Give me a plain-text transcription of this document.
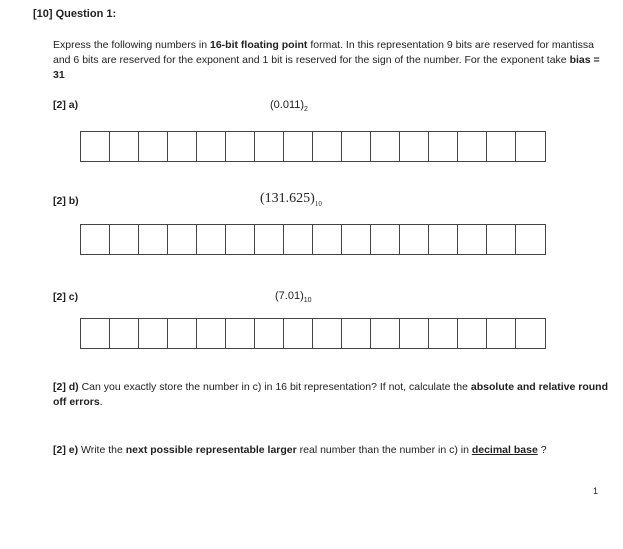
[10] Question 1:
Express the following numbers in 16-bit floating point format. In this representation 9 bits are reserved for mantissa and 6 bits are reserved for the exponent and 1 bit is reserved for the sign of the number. For the exponent take bias = 31
[2] a)	$(0.011)_2$
[2] b)	$(131.625)_{10}$
[2] c)	$(7.01)_{10}$
[2] d) Can you exactly store the number in c) in 16 bit representation? If not, calculate the absolute and relative round off errors.
[2] e) Write the next possible representable larger real number than the number in c) in decimal base ?
1
